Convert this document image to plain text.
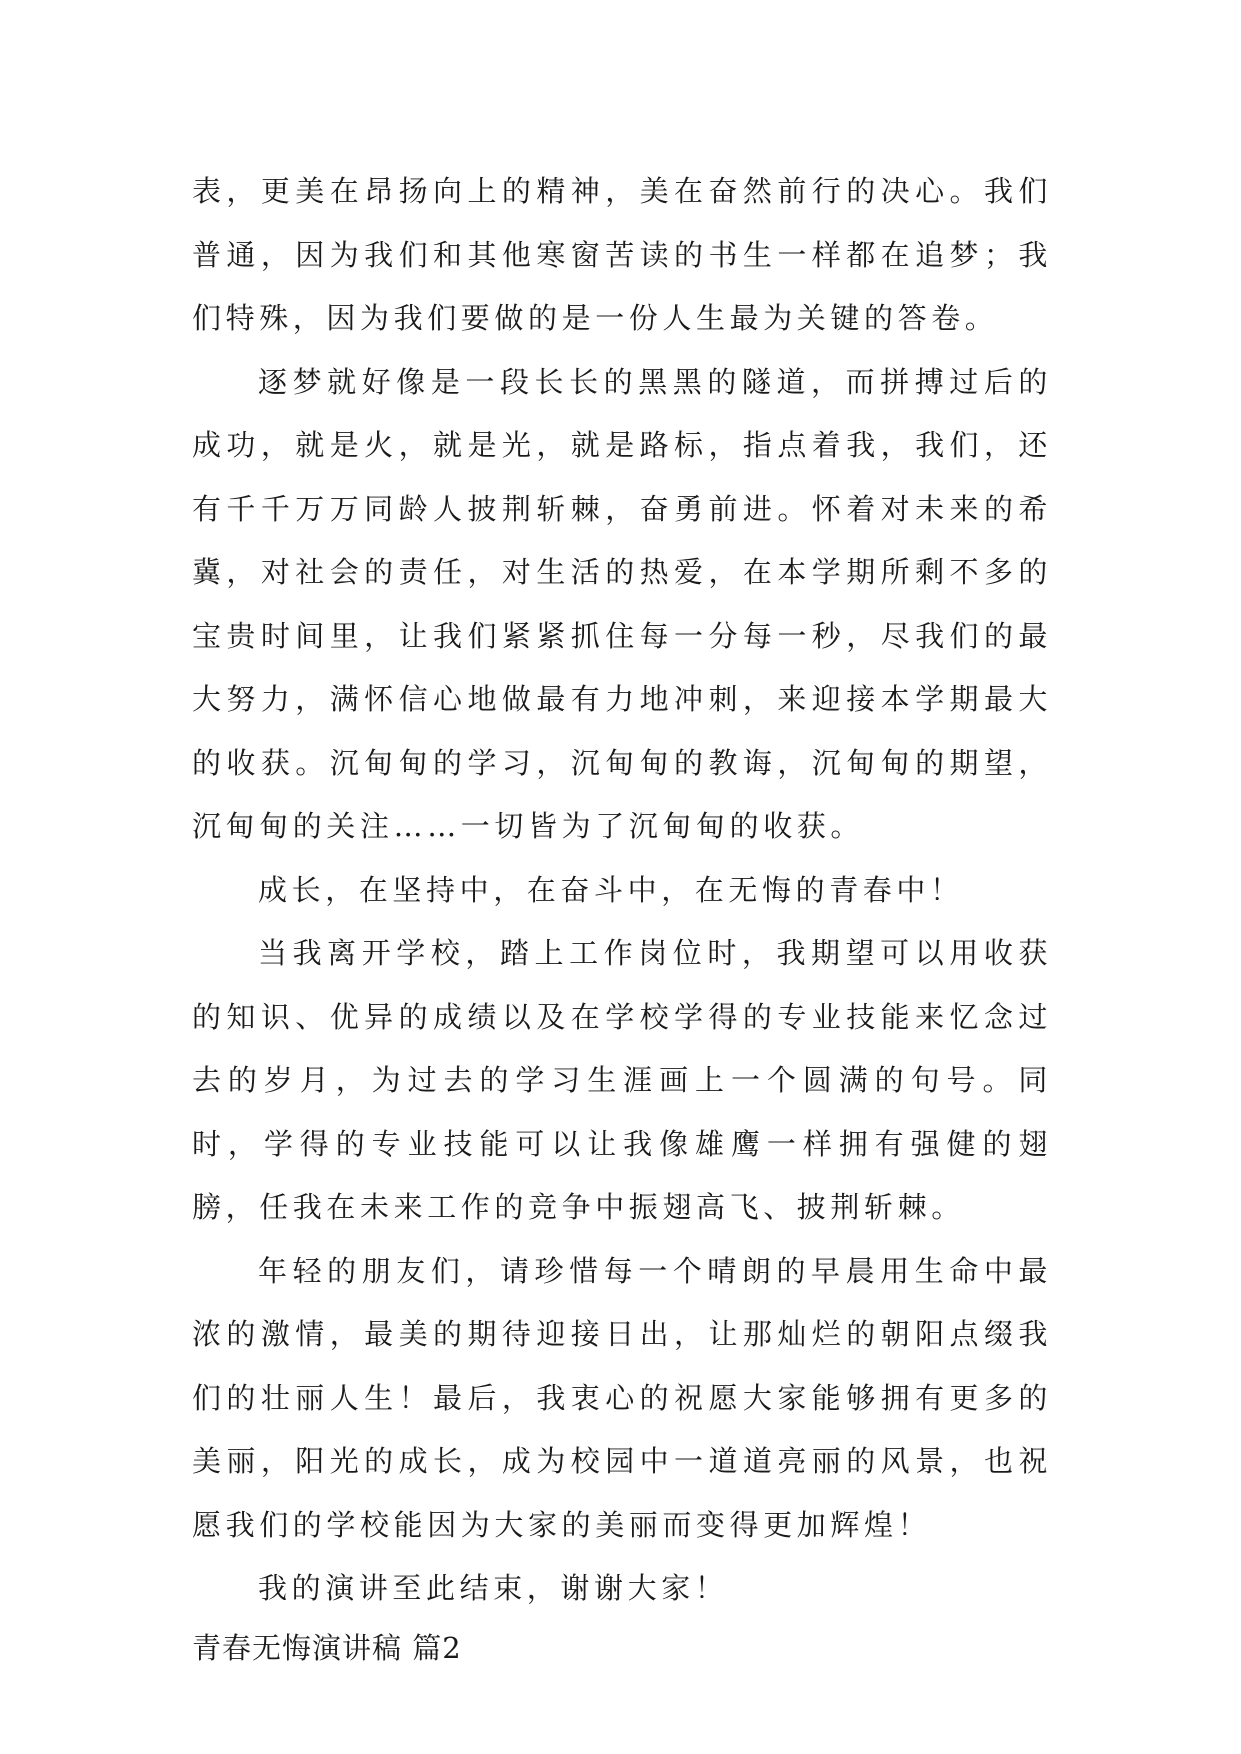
表，更美在昂扬向上的精神，美在奋然前行的决心。我们普通，因为我们和其他寒窗苦读的书生一样都在追梦；我们特殊，因为我们要做的是一份人生最为关键的答卷。

逐梦就好像是一段长长的黑黑的隧道，而拼搏过后的成功，就是火，就是光，就是路标，指点着我，我们，还有千千万万同龄人披荆斩棘，奋勇前进。怀着对未来的希冀，对社会的责任，对生活的热爱，在本学期所剩不多的宝贵时间里，让我们紧紧抓住每一分每一秒，尽我们的最大努力，满怀信心地做最有力地冲刺，来迎接本学期最大的收获。沉甸甸的学习，沉甸甸的教诲，沉甸甸的期望，沉甸甸的关注……一切皆为了沉甸甸的收获。

成长，在坚持中，在奋斗中，在无悔的青春中！

当我离开学校，踏上工作岗位时，我期望可以用收获的知识、优异的成绩以及在学校学得的专业技能来忆念过去的岁月，为过去的学习生涯画上一个圆满的句号。同时，学得的专业技能可以让我像雄鹰一样拥有强健的翅膀，任我在未来工作的竞争中振翅高飞、披荆斩棘。

年轻的朋友们，请珍惜每一个晴朗的早晨用生命中最浓的激情，最美的期待迎接日出，让那灿烂的朝阳点缀我们的壮丽人生！最后，我衷心的祝愿大家能够拥有更多的美丽，阳光的成长，成为校园中一道道亮丽的风景，也祝愿我们的学校能因为大家的美丽而变得更加辉煌！

我的演讲至此结束，谢谢大家！

青春无悔演讲稿 篇2
